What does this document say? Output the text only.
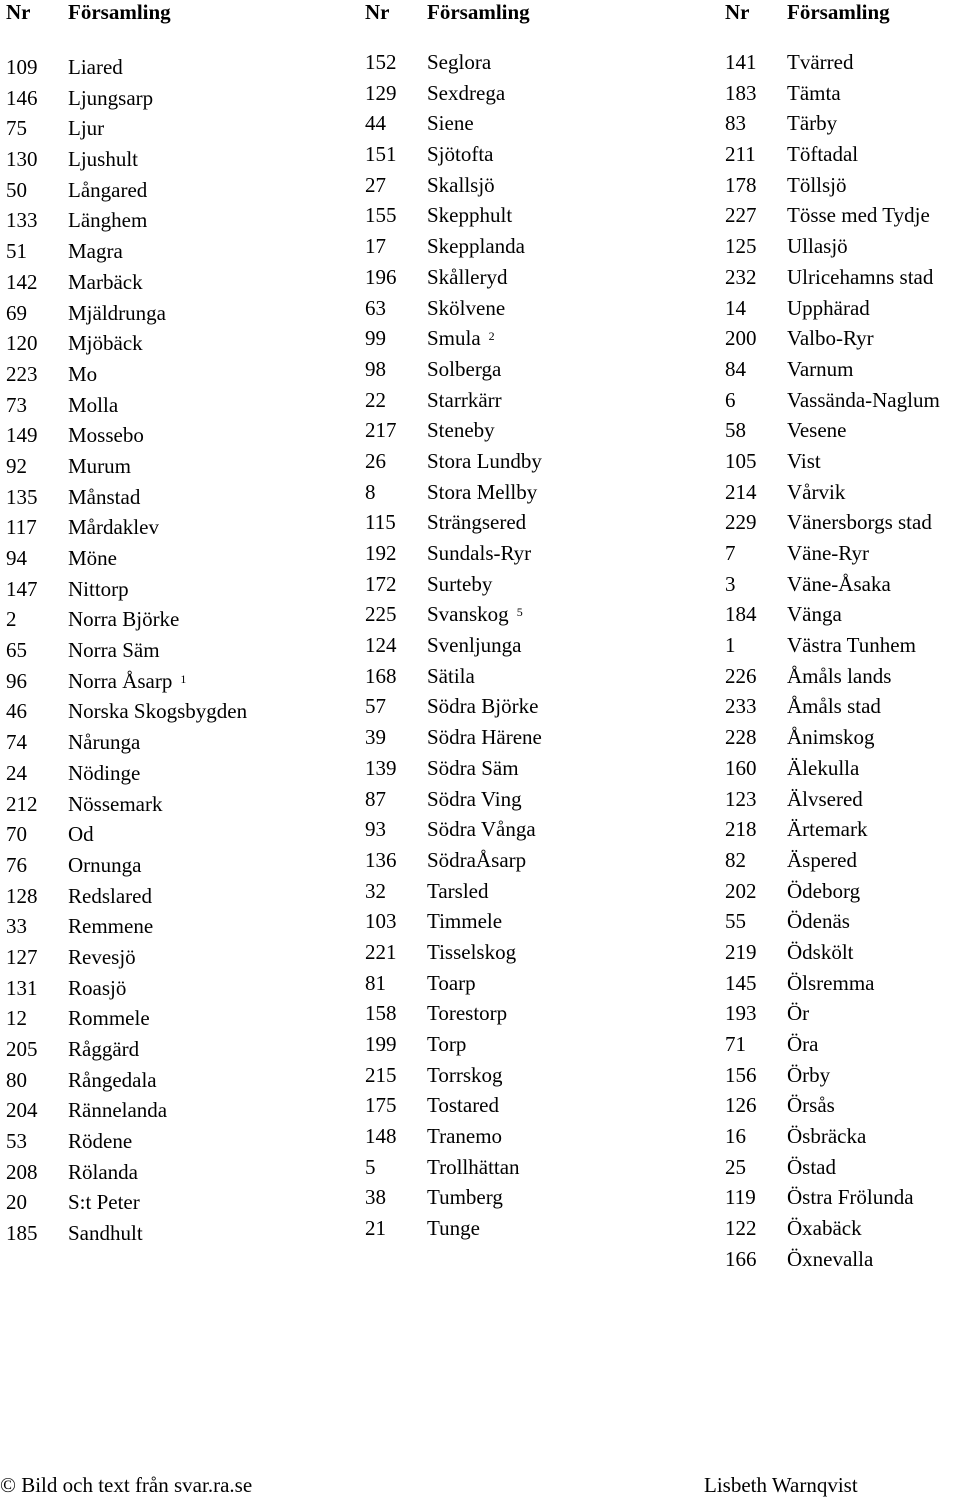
Nr Församling
109 Liared
146 Ljungsarp
75 Ljur
130 Ljushult
50 Långared
133 Länghem
51 Magra
142 Marbäck
69 Mjäldrunga
120 Mjöbäck
223 Mo
73 Molla
149 Mossebo
92 Murum
135 Månstad
117 Mårdaklev
94 Möne
147 Nittorp
2 Norra Björke
65 Norra Säm
96 Norra Åsarp $^1$
46 Norska Skogsbygden
74 Nårunga
24 Nödinge
212 Nössemark
70 Od
76 Ornunga
128 Redslared
33 Remmene
127 Revesjö
131 Roasjö
12 Rommele
205 Råggärd
80 Rångedala
204 Rännelanda
53 Rödene
208 Rölanda
20 S:t Peter
185 Sandhult
Nr Församling
152 Seglora
129 Sexdrega
44 Siene
151 Sjötofta
27 Skallsjö
155 Skepphult
17 Skepplanda
196 Skålleryd
63 Skölvene
99 Smula $^2$
98 Solberga
22 Starrkärr
217 Steneby
26 Stora Lundby
8 Stora Mellby
115 Strängsered
192 Sundals-Ryr
172 Surteby
225 Svanskog $^5$
124 Svenljunga
168 Sätila
57 Södra Björke
39 Södra Härene
139 Södra Säm
87 Södra Ving
93 Södra Vånga
136 SödraÅsarp
32 Tarsled
103 Timmele
221 Tisselskog
81 Toarp
158 Torestorp
199 Torp
215 Torrskog
175 Tostared
148 Tranemo
5 Trollhättan
38 Tumberg
21 Tunge
Nr Församling
141 Tvärred
183 Tämta
83 Tärby
211 Töftadal
178 Töllsjö
227 Tösse med Tydje
125 Ullasjö
232 Ulricehamns stad
14 Upphärad
200 Valbo-Ryr
84 Varnum
6 Vassända-Naglum
58 Vesene
105 Vist
214 Vårvik
229 Vänersborgs stad
7 Väne-Ryr
3 Väne-Åsaka
184 Vänga
1 Västra Tunhem
226 Åmåls lands
233 Åmåls stad
228 Ånimskog
160 Älekulla
123 Älvsered
218 Ärtemark
82 Äspered
202 Ödeborg
55 Ödenäs
219 Ödskölt
145 Ölsremma
193 Ör
71 Öra
156 Örby
126 Örsås
16 Ösbräcka
25 Östad
119 Östra Frölunda
122 Öxabäck
166 Öxnevalla
© Bild och text från svar.ra.se	Lisbeth Warnqvist
